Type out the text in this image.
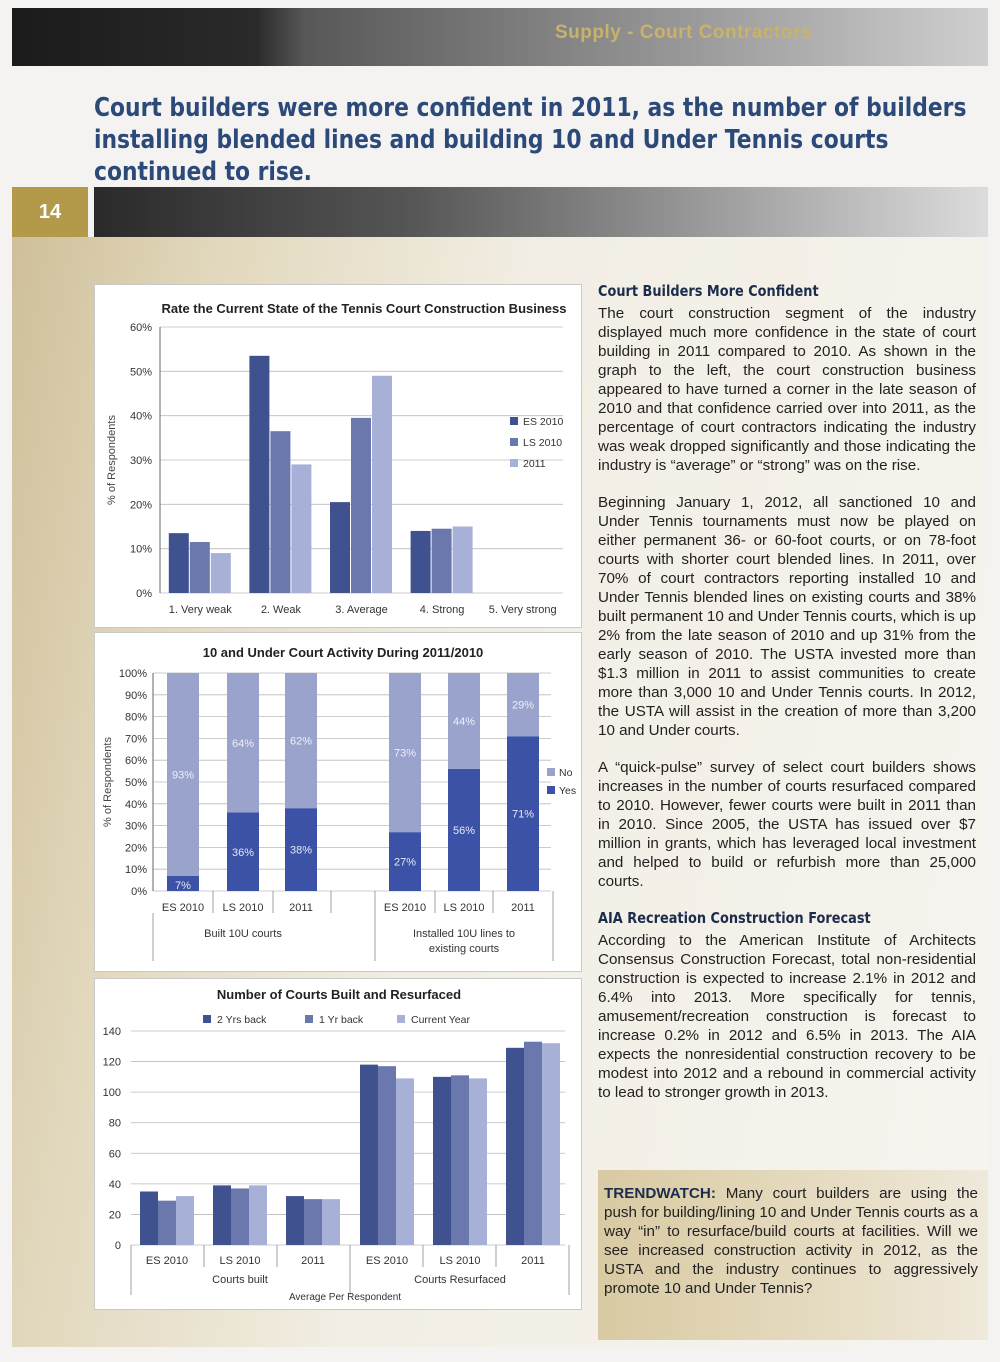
Supply - Court Contractors
Court builders were more confident in 2011, as the number of builders installing blended lines and building 10 and Under Tennis courts continued to rise.
14
Rate the Current State of the Tennis Court Construction Business
0%
10%
20%
30%
40%
50%
60%
% of Respondents
1. Very weak	2. Weak	3. Average	4. Strong 5. Very strong
ES 2010
LS 2010
2011
10 and Under Court Activity During 2011/2010
0%
10%
20%
30%
40%
50%
60%
70%
80%
90%
100%
% of Respondents
7%
93%
ES 2010
36%
64%
LS 2010
38%
62%
2011
27%
73%
ES 2010
56%
44%
LS 2010
71%
29%
2011
Built 10U courts	Installed 10U lines to existing courts
No
Yes
Number of Courts Built and Resurfaced
2 Yrs back	1 Yr back	Current Year
0
20
40
60
80
100
120
140
ES 2010	LS 2010	2011	ES 2010	LS 2010	2011
Courts built	Courts Resurfaced
Average Per Respondent
Court Builders More Confident

The court construction segment of the industry displayed much more confidence in the state of court building in 2011 compared to 2010. As shown in the graph to the left, the court construction business appeared to have turned a corner in the late season of 2010 and that confidence carried over into 2011, as the percentage of court contractors indicating the industry was weak dropped significantly and those indicating the industry is “average” or “strong” was on the rise.

Beginning January 1, 2012, all sanctioned 10 and Under Tennis tournaments must now be played on either permanent 36- or 60-foot courts, or on 78-foot courts with shorter court blended lines. In 2011, over 70% of court contractors reporting installed 10 and Under Tennis blended lines on existing courts and 38% built permanent 10 and Under Tennis courts, which is up 2% from the late season of 2010 and up 31% from the early season of 2010. The USTA invested more than $1.3 million in 2011 to assist communities to create more than 3,000 10 and Under Tennis courts. In 2012, the USTA will assist in the creation of more than 3,200 10 and Under courts.

A “quick-pulse” survey of select court builders shows increases in the number of courts resurfaced compared to 2010. However, fewer courts were built in 2011 than in 2010. Since 2005, the USTA has issued over $7 million in grants, which has leveraged local investment and helped to build or refurbish more than 25,000 courts.

AIA Recreation Construction Forecast

According to the American Institute of Architects Consensus Construction Forecast, total non-residential construction is expected to increase 2.1% in 2012 and 6.4% into 2013. More specifically for tennis, amusement/recreation construction is forecast to increase 0.2% in 2012 and 6.5% in 2013. The AIA expects the nonresidential construction recovery to be modest into 2012 and a rebound in commercial activity to lead to stronger growth in 2013.

TRENDWATCH: Many court builders are using the push for building/lining 10 and Under Tennis courts as a way “in” to resurface/build courts at facilities. Will we see increased construction activity in 2012, as the USTA and the industry continues to aggressively promote 10 and Under Tennis?
